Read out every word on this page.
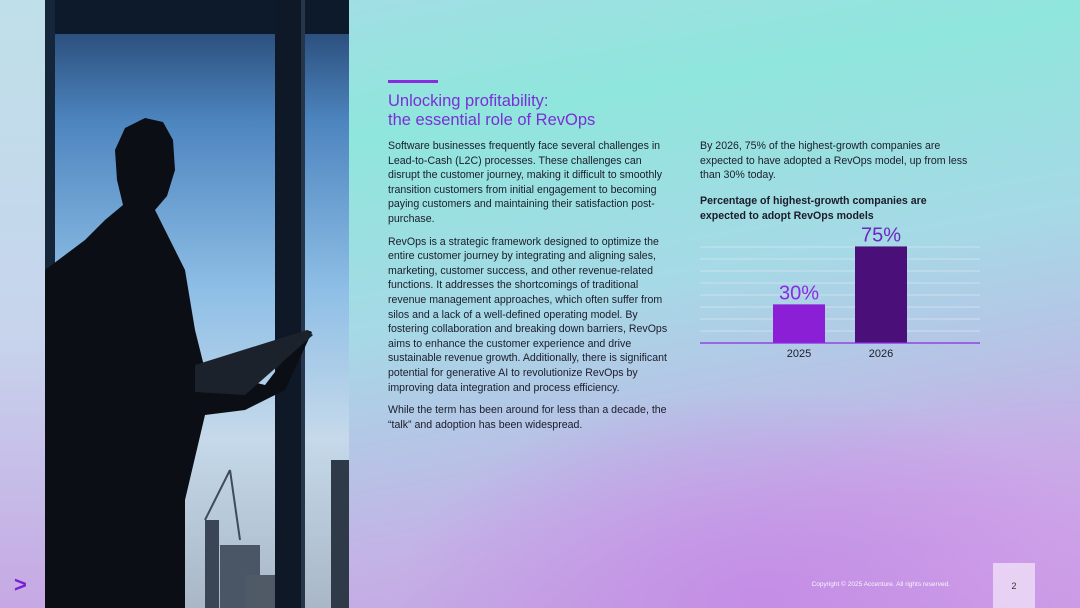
>
Unlocking profitability:
the essential role of RevOps

Software businesses frequently face several challenges in Lead-to-Cash (L2C) processes. These challenges can disrupt the customer journey, making it difficult to smoothly transition customers from initial engagement to becoming paying customers and maintaining their satisfaction post-purchase.

RevOps is a strategic framework designed to optimize the entire customer journey by integrating and aligning sales, marketing, customer success, and other revenue-related functions. It addresses the shortcomings of traditional revenue management approaches, which often suffer from silos and a lack of a well-defined operating model. By fostering collaboration and breaking down barriers, RevOps aims to enhance the customer experience and drive sustainable revenue growth. Additionally, there is significant potential for generative AI to revolutionize RevOps by improving data integration and process efficiency.

While the term has been around for less than a decade, the “talk” and adoption has been widespread.

By 2026, 75% of the highest-growth companies are expected to have adopted a RevOps model, up from less than 30% today.

Percentage of highest-growth companies are expected to adopt RevOps models
30%
2025
75%
2026
Copyright © 2025 Accenture. All rights reserved.	2
